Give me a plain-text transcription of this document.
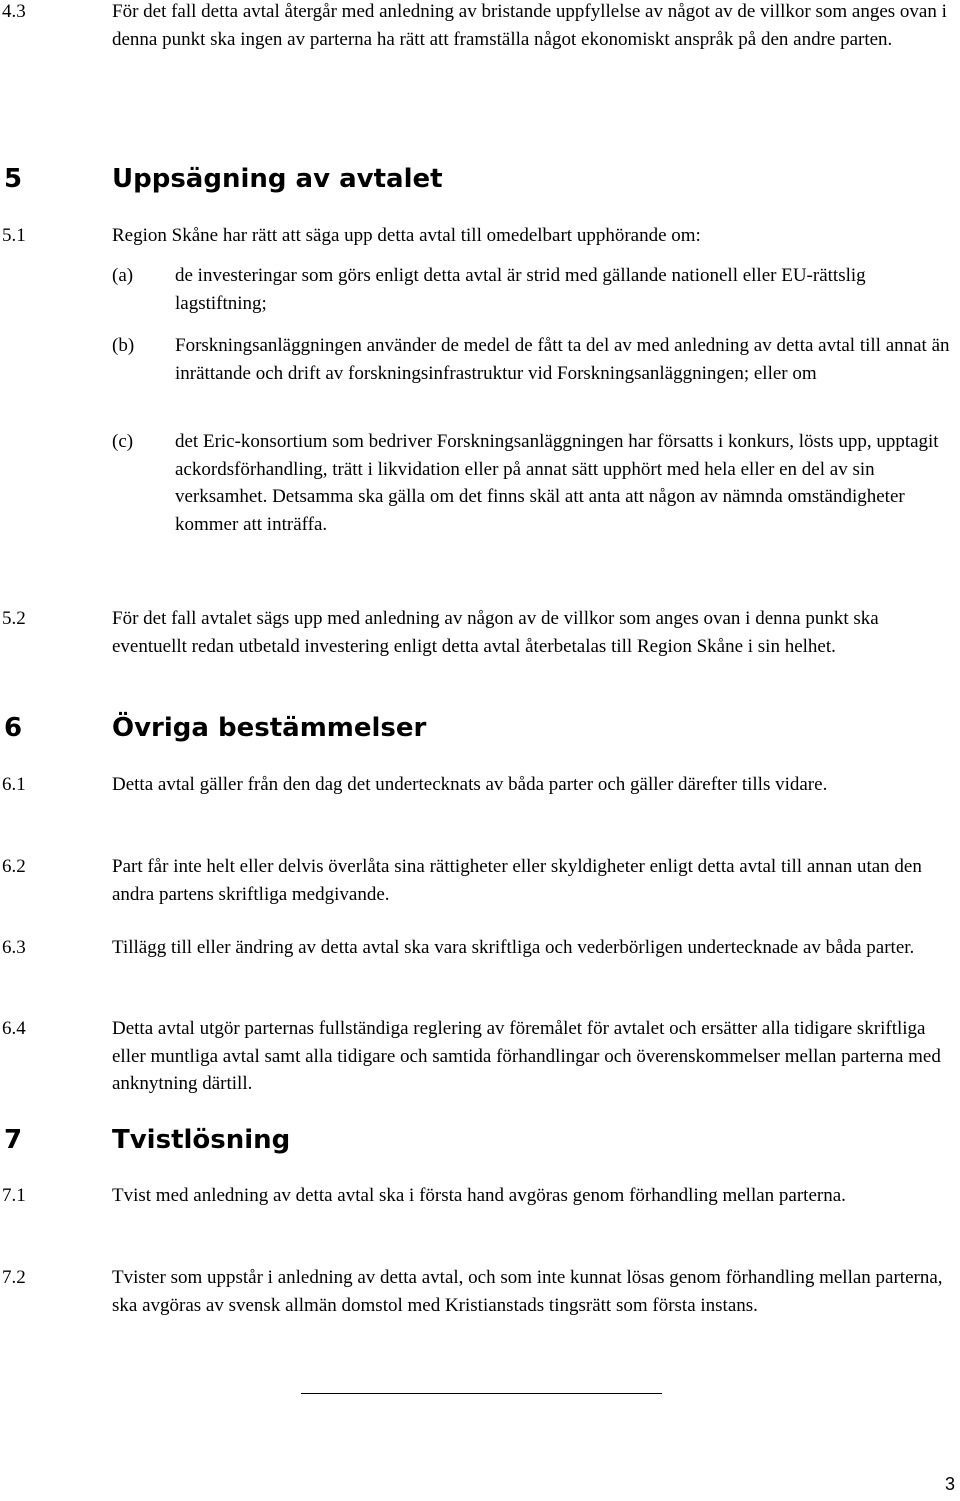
4.3	För det fall detta avtal återgår med anledning av bristande uppfyllelse av något av de villkor som anges ovan i denna punkt ska ingen av parterna ha rätt att framställa något ekonomiskt anspråk på den andre parten.
5	Uppsägning av avtalet
5.1	Region Skåne har rätt att säga upp detta avtal till omedelbart upphörande om:
(a) de investeringar som görs enligt detta avtal är strid med gällande nationell eller EU-rättslig lagstiftning;
(b) Forskningsanläggningen använder de medel de fått ta del av med anledning av detta avtal till annat än inrättande och drift av forskningsinfrastruktur vid Forskningsanläggningen; eller om
(c) det Eric-konsortium som bedriver Forskningsanläggningen har försatts i konkurs, lösts upp, upptagit ackordsförhandling, trätt i likvidation eller på annat sätt upphört med hela eller en del av sin verksamhet. Detsamma ska gälla om det finns skäl att anta att någon av nämnda omständigheter kommer att inträffa.
5.2	För det fall avtalet sägs upp med anledning av någon av de villkor som anges ovan i denna punkt ska eventuellt redan utbetald investering enligt detta avtal återbetalas till Region Skåne i sin helhet.
6	Övriga bestämmelser
6.1	Detta avtal gäller från den dag det undertecknats av båda parter och gäller därefter tills vidare.
6.2	Part får inte helt eller delvis överlåta sina rättigheter eller skyldigheter enligt detta avtal till annan utan den andra partens skriftliga medgivande.
6.3	Tillägg till eller ändring av detta avtal ska vara skriftliga och vederbörligen undertecknade av båda parter.
6.4	Detta avtal utgör parternas fullständiga reglering av föremålet för avtalet och ersätter alla tidigare skriftliga eller muntliga avtal samt alla tidigare och samtida förhandlingar och överenskommelser mellan parterna med anknytning därtill.
7	Tvistlösning
7.1	Tvist med anledning av detta avtal ska i första hand avgöras genom förhandling mellan parterna.
7.2	Tvister som uppstår i anledning av detta avtal, och som inte kunnat lösas genom förhandling mellan parterna, ska avgöras av svensk allmän domstol med Kristianstads tingsrätt som första instans.
3
